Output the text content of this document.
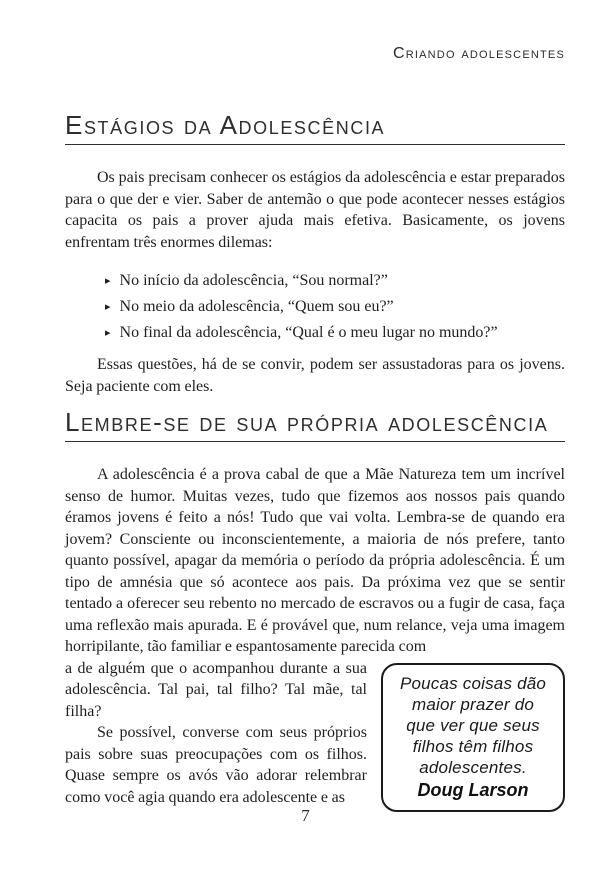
Criando adolescentes
Estágios da Adolescência

Os pais precisam conhecer os estágios da adolescência e estar preparados para o que der e vier. Saber de antemão o que pode acontecer nesses estágios capacita os pais a prover ajuda mais efetiva. Basicamente, os jovens enfrentam três enormes dilemas:

▸ No início da adolescência, “Sou normal?”
▸ No meio da adolescência, “Quem sou eu?”
▸ No final da adolescência, “Qual é o meu lugar no mundo?”

Essas questões, há de se convir, podem ser assustadoras para os jovens. Seja paciente com eles.

Lembre-se de sua própria adolescência

A adolescência é a prova cabal de que a Mãe Natureza tem um incrível senso de humor. Muitas vezes, tudo que fizemos aos nossos pais quando éramos jovens é feito a nós! Tudo que vai volta. Lembra-se de quando era jovem? Consciente ou inconscientemente, a maioria de nós prefere, tanto quanto possível, apagar da memória o período da própria adolescência. É um tipo de amnésia que só acontece aos pais. Da próxima vez que se sentir tentado a oferecer seu rebento no mercado de escravos ou a fugir de casa, faça uma reflexão mais apurada. E é provável que, num relance, veja uma imagem horripilante, tão familiar e espantosamente parecida com

Poucas coisas dão maior prazer do que ver que seus filhos têm filhos adolescentes.

Doug Larson

a de alguém que o acompanhou durante a sua adolescência. Tal pai, tal filho? Tal mãe, tal filha?

Se possível, converse com seus próprios pais sobre suas preocupações com os filhos. Quase sempre os avós vão adorar relembrar como você agia quando era adolescente e as

7
